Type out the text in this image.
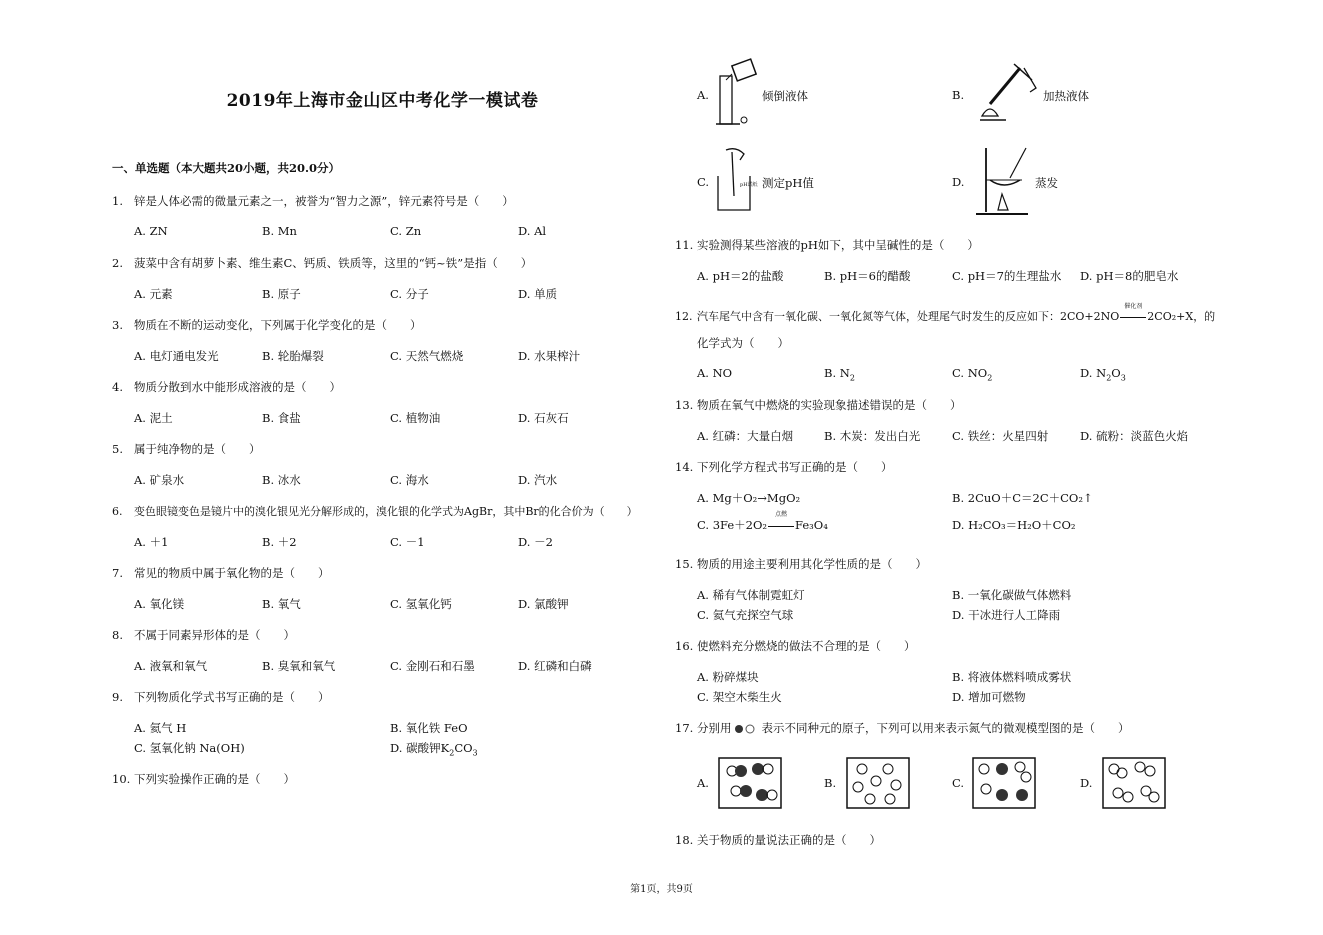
2019年上海市金山区中考化学一模试卷
一、单选题（本大题共20小题，共20.0分）
1. 锌是人体必需的微量元素之一，被誉为“智力之源”，锌元素符号是（　　）
A. ZN	B. Mn	C. Zn	D. Al
2. 菠菜中含有胡萝卜素、维生素C、钙质、铁质等，这里的“钙~铁”是指（　　）
A. 元素	B. 原子	C. 分子	D. 单质
3. 物质在不断的运动变化，下列属于化学变化的是（　　）
A. 电灯通电发光	B. 轮胎爆裂	C. 天然气燃烧	D. 水果榨汁
4. 物质分散到水中能形成溶液的是（　　）
A. 泥土	B. 食盐	C. 植物油	D. 石灰石
5. 属于纯净物的是（　　）
A. 矿泉水	B. 冰水	C. 海水	D. 汽水
6. 变色眼镜变色是镜片中的溴化银见光分解形成的，溴化银的化学式为AgBr，其中Br的化合价为（　　）
A. ＋1	B. ＋2	C. －1	D. －2
7. 常见的物质中属于氧化物的是（　　）
A. 氧化镁	B. 氧气	C. 氢氧化钙	D. 氯酸钾
8. 不属于同素异形体的是（　　）
A. 液氧和氧气	B. 臭氧和氧气	C. 金刚石和石墨	D. 红磷和白磷
9. 下列物质化学式书写正确的是（　　）
A. 氦气 H	B. 氧化铁 FeO
C. 氢氧化钠 Na(OH)	D. 碳酸钾$K_2CO_3$
10. 下列实验操作正确的是（　　）
A.	倾倒液体	B.	加热液体
C.	pH试纸 测定pH值	D.	蒸发
11. 实验测得某些溶液的pH如下，其中呈碱性的是（　　）
A. pH＝2的盐酸	B. pH＝6的醋酸	C. pH＝7的生理盐水 D. pH＝8的肥皂水
12. 汽车尾气中含有一氧化碳、一氧化氮等气体，处理尾气时发生的反应如下：2CO+2NO
催化剂
2CO₂+X，的
化学式为（　　）
A. NO	B. $N_2$	C. $NO_2$	D. $N_2O_3$
13. 物质在氧气中燃烧的实验现象描述错误的是（　　）
A. 红磷：大量白烟	B. 木炭：发出白光	C. 铁丝：火星四射	D. 硫粉：淡蓝色火焰
14. 下列化学方程式书写正确的是（　　）
A. Mg＋O₂→MgO₂	B. 2CuO＋C＝2C＋CO₂↑
C. 3Fe＋2O₂
点燃
Fe₃O₄	D. H₂CO₃＝H₂O＋CO₂
15. 物质的用途主要利用其化学性质的是（　　）
A. 稀有气体制霓虹灯	B. 一氧化碳做气体燃料
C. 氦气充探空气球	D. 干冰进行人工降雨
16. 使燃料充分燃烧的做法不合理的是（　　）
A. 粉碎煤块	B. 将液体燃料喷成雾状
C. 架空木柴生火	D. 增加可燃物
17. 分别用	表示不同种元的原子，下列可以用来表示氮气的微观模型图的是（　　）
A.	B.	C.	D.
18. 关于物质的量说法正确的是（　　）
第1页，共9页
